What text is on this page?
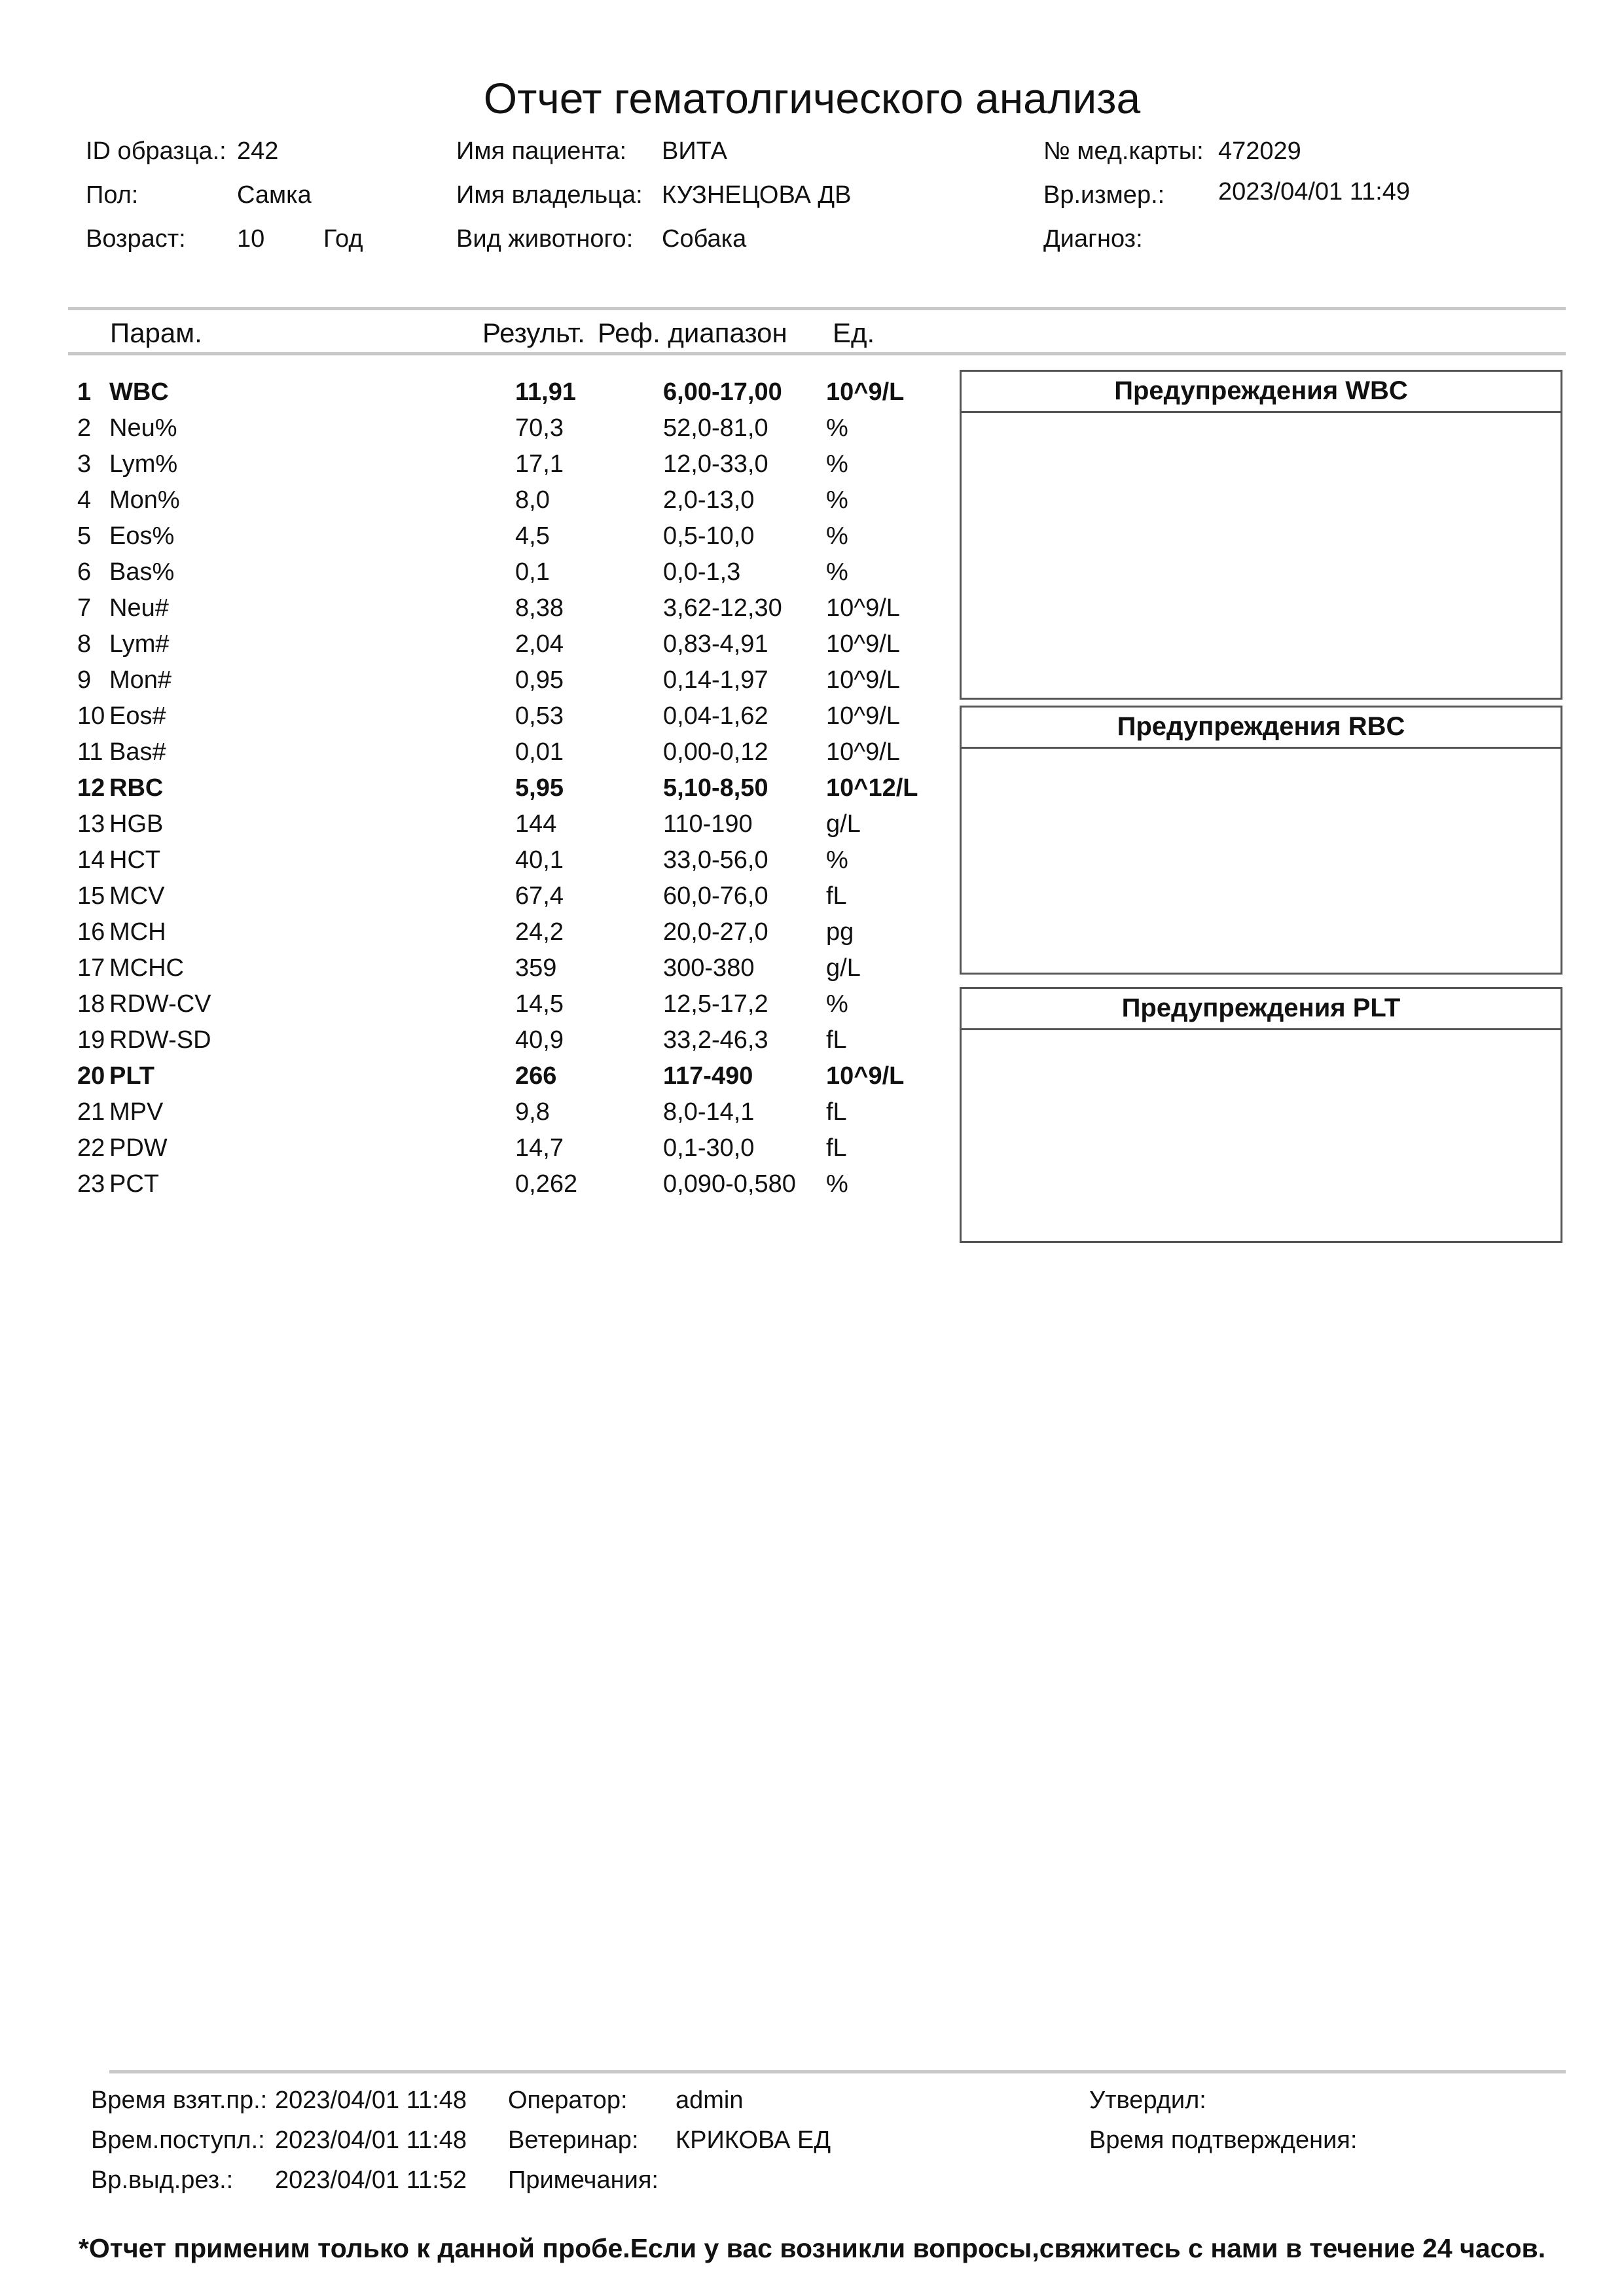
Отчет гематолгического анализа
ID образца.: 242	Имя пациента: ВИТА	№ мед.карты: 472029
Пол:	Самка	Имя владельца: КУЗНЕЦОВА ДВ	Вр.измер.: 2023/04/01 11:49
Возраст: 10 Год	Вид животного: Собака	Диагноз:
Парам.	Результ. Реф. диапазон Ед.
1 WBC	11,91	6,00-17,00 10^9/L
2 Neu%	70,3	52,0-81,0 %
3 Lym%	17,1	12,0-33,0 %
4 Mon%	8,0	2,0-13,0	%
5 Eos%	4,5	0,5-10,0	%
6 Bas%	0,1	0,0-1,3	%
7 Neu#	8,38	3,62-12,30 10^9/L
8 Lym#	2,04	0,83-4,91 10^9/L
9 Mon#	0,95	0,14-1,97 10^9/L
10 Eos#	0,53	0,04-1,62 10^9/L
11 Bas#	0,01	0,00-0,12 10^9/L
12 RBC	5,95	5,10-8,50 10^12/L
13 HGB	144	110-190	g/L
14 HCT	40,1	33,0-56,0 %
15 MCV	67,4	60,0-76,0 fL
16 MCH	24,2	20,0-27,0 pg
17 MCHC	359	300-380	g/L
18 RDW-CV	14,5	12,5-17,2 %
19 RDW-SD	40,9	33,2-46,3 fL
20 PLT	266	117-490	10^9/L
21 MPV	9,8	8,0-14,1	fL
22 PDW	14,7	0,1-30,0	fL
23 PCT	0,262	0,090-0,580 %
Предупреждения WBC
Предупреждения RBC
Предупреждения PLT
Время взят.пр.: 2023/04/01 11:48 Оператор: admin	Утвердил:
Врем.поступл.: 2023/04/01 11:48 Ветеринар: КРИКОВА ЕД	Время подтверждения:
Вр.выд.рез.: 2023/04/01 11:52 Примечания:
*Отчет применим только к данной пробе.Если у вас возникли вопросы,свяжитесь с нами в течение 24 часов.
